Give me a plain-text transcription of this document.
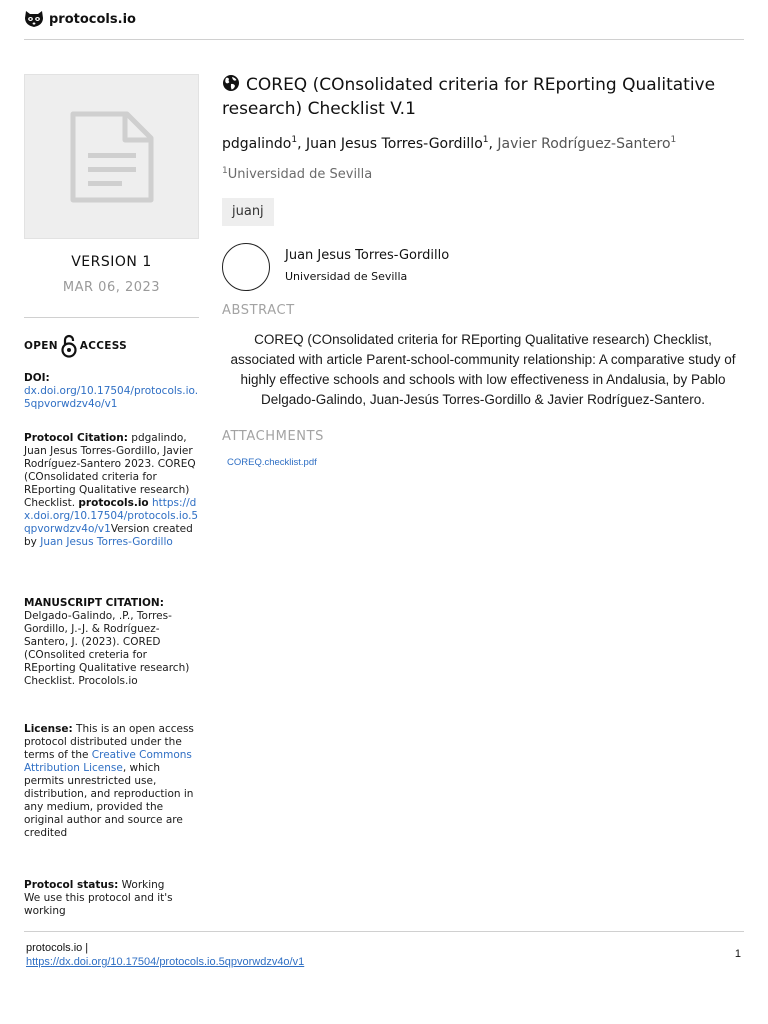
protocols.io
VERSION 1
MAR 06, 2023
OPEN ACCESS
DOI:
dx.doi.org/10.17504/protocols.io.5qpvorwdzv4o/v1
Protocol Citation: pdgalindo, Juan Jesus Torres-Gordillo, Javier Rodríguez-Santero 2023. COREQ (COnsolidated criteria for REporting Qualitative research) Checklist. protocols.io https://dx.doi.org/10.17504/protocols.io.5qpvorwdzv4o/v1Version created by Juan Jesus Torres-Gordillo
MANUSCRIPT CITATION:
Delgado-Galindo, .P., Torres-Gordillo, J.-J. & Rodríguez-Santero, J. (2023). CORED (COnsolited creteria for REporting Qualitative research) Checklist. Procolols.io
License: This is an open access protocol distributed under the terms of the Creative Commons Attribution License, which permits unrestricted use, distribution, and reproduction in any medium, provided the original author and source are credited
Protocol status: Working
We use this protocol and it's working
COREQ (COnsolidated criteria for REporting Qualitative research) Checklist V.1
pdgalindo$^1$, Juan Jesus Torres-Gordillo$^1$, Javier Rodríguez-Santero$^1$
$^1$Universidad de Sevilla
juanj
Juan Jesus Torres-Gordillo
Universidad de Sevilla
ABSTRACT
COREQ (COnsolidated criteria for REporting Qualitative research) Checklist, associated with article Parent-school-community relationship: A comparative study of highly effective schools and schools with low effectiveness in Andalusia, by Pablo Delgado-Galindo, Juan-Jesús Torres-Gordillo & Javier Rodríguez-Santero.
ATTACHMENTS
COREQ.checklist.pdf
protocols.io |
https://dx.doi.org/10.17504/protocols.io.5qpvorwdzv4o/v1
1
